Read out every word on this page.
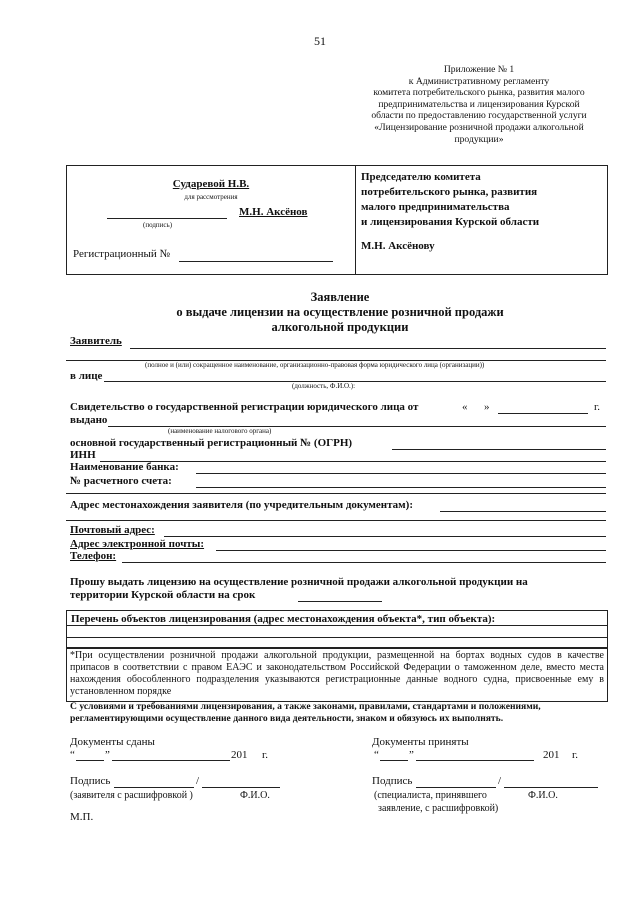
51
Приложение № 1
к Административному регламенту
комитета потребительского рынка, развития малого
предпринимательства и лицензирования Курской
области по предоставлению государственной услуги
«Лицензирование розничной продажи алкогольной
продукции»
Сударевой Н.В.
для рассмотрения
М.Н. Аксёнов
(подпись)
Регистрационный №
Председателю комитета
потребительского рынка, развития
малого предпринимательства
и лицензирования Курской области
М.Н. Аксёнову
Заявление
о выдаче лицензии на осуществление розничной продажи
алкогольной продукции
Заявитель
(полное и (или) сокращенное наименование, организационно-правовая форма юридического лица (организации))
в лице
(должность, Ф.И.О.):
Свидетельство о государственной регистрации юридического лица от	« »	г.
выдано
(наименование налогового органа)
основной государственный регистрационный № (ОГРН)
ИНН
Наименование банка:
№ расчетного счета:
Адрес местонахождения заявителя (по учредительным документам):
Почтовый адрес:
Адрес электронной почты:
Телефон:
Прошу выдать лицензию на осуществление розничной продажи алкогольной продукции на
территории Курской области на срок
Перечень объектов лицензирования (адрес местонахождения объекта*, тип объекта):
*При осуществлении розничной продажи алкогольной продукции, размещенной на бортах водных судов в качестве припасов в соответствии с правом ЕАЭС и законодательством Российской Федерации о таможенном деле, вместо места нахождения обособленного подразделения указываются регистрационные данные водного судна, присвоенные ему в установленном порядке
С условиями и требованиями лицензирования, а также законами, правилами, стандартами и положениями,
регламентирующими осуществление данного вида деятельности, знаком и обязуюсь их выполнять.
Документы сданы
“	”	201 г.
Подпись	/
(заявителя с расшифровкой )	Ф.И.О.
М.П.
Документы приняты
“	”	201 г.
Подпись	/
(специалиста, принявшего	Ф.И.О.
заявление, с расшифровкой)
